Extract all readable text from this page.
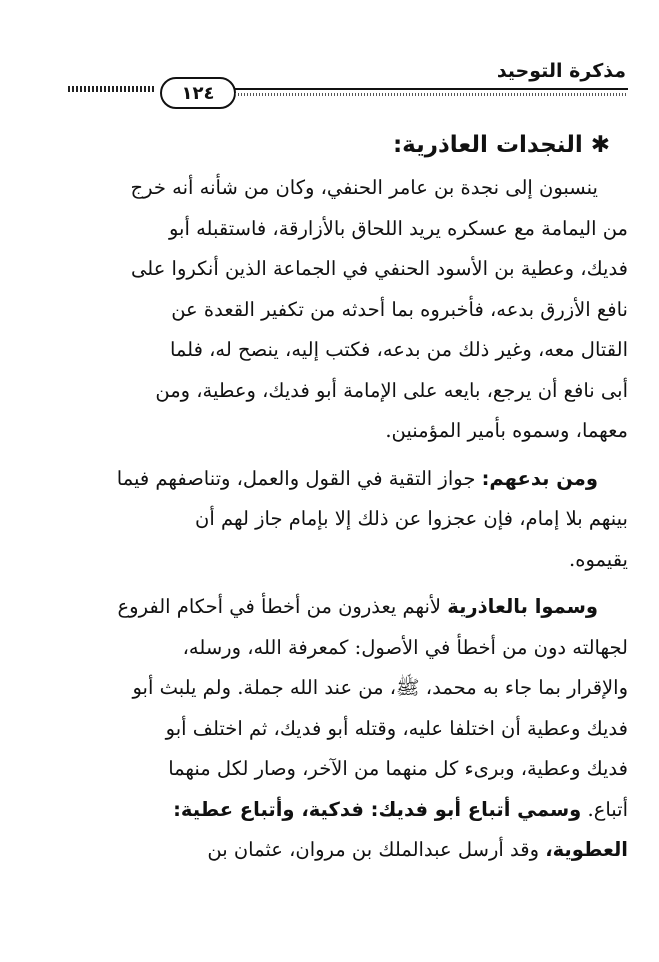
مذكرة التوحيد
١٢٤
✱النجدات العاذرية:
ينسبون إلى نجدة بن عامر الحنفي، وكان من شأنه أنه خرج
من اليمامة مع عسكره يريد اللحاق بالأزارقة، فاستقبله أبو
فديك، وعطية بن الأسود الحنفي في الجماعة الذين أنكروا على
نافع الأزرق بدعه، فأخبروه بما أحدثه من تكفير القعدة عن
القتال معه، وغير ذلك من بدعه، فكتب إليه، ينصح له، فلما
أبى نافع أن يرجع، بايعه على الإمامة أبو فديك، وعطية، ومن
معهما، وسموه بأمير المؤمنين.
ومن بدعهم: جواز التقية في القول والعمل، وتناصفهم فيما
بينهم بلا إمام، فإن عجزوا عن ذلك إلا بإمام جاز لهم أن
يقيموه.
وسموا بالعاذرية لأنهم يعذرون من أخطأ في أحكام الفروع
لجهالته دون من أخطأ في الأصول: كمعرفة الله، ورسله،
والإقرار بما جاء به محمد، ﷺ، من عند الله جملة. ولم يلبث أبو
فديك وعطية أن اختلفا عليه، وقتله أبو فديك، ثم اختلف أبو
فديك وعطية، وبرىء كل منهما من الآخر، وصار لكل منهما
أتباع. وسمي أتباع أبو فديك: فدكية، وأتباع عطية:
العطوية، وقد أرسل عبدالملك بن مروان، عثمان بن
